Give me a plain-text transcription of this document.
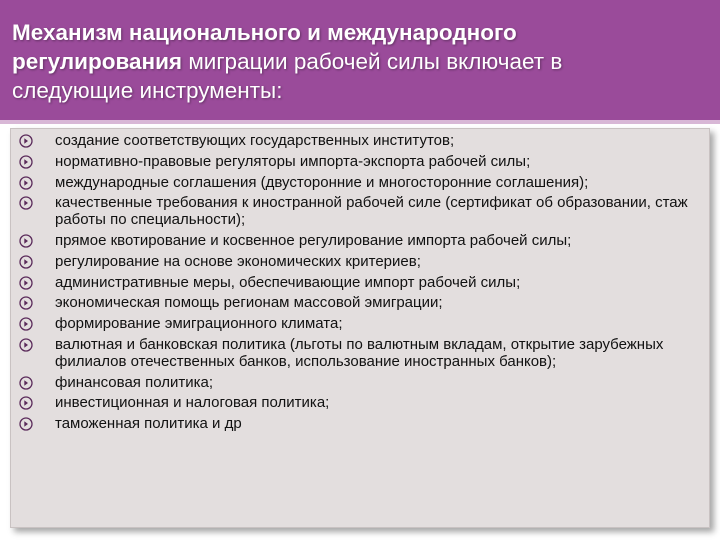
Механизм национального и международного
регулирования миграции рабочей силы включает в
следующие инструменты:

создание соответствующих государственных институтов;
нормативно-правовые регуляторы импорта-экспорта рабочей силы;
международные соглашения (двусторонние и многосторонние соглашения);
качественные требования к иностранной рабочей силе (сертификат об образовании, стаж работы по специальности);
прямое квотирование и косвенное регулирование импорта рабочей силы;
регулирование на основе экономических критериев;
административные меры, обеспечивающие импорт рабочей силы;
экономическая помощь регионам массовой эмиграции;
формирование эмиграционного климата;
валютная и банковская политика (льготы по валютным вкладам, открытие зарубежных филиалов отечественных банков, использование иностранных банков);
финансовая политика;
инвестиционная и налоговая политика;
таможенная политика и др
